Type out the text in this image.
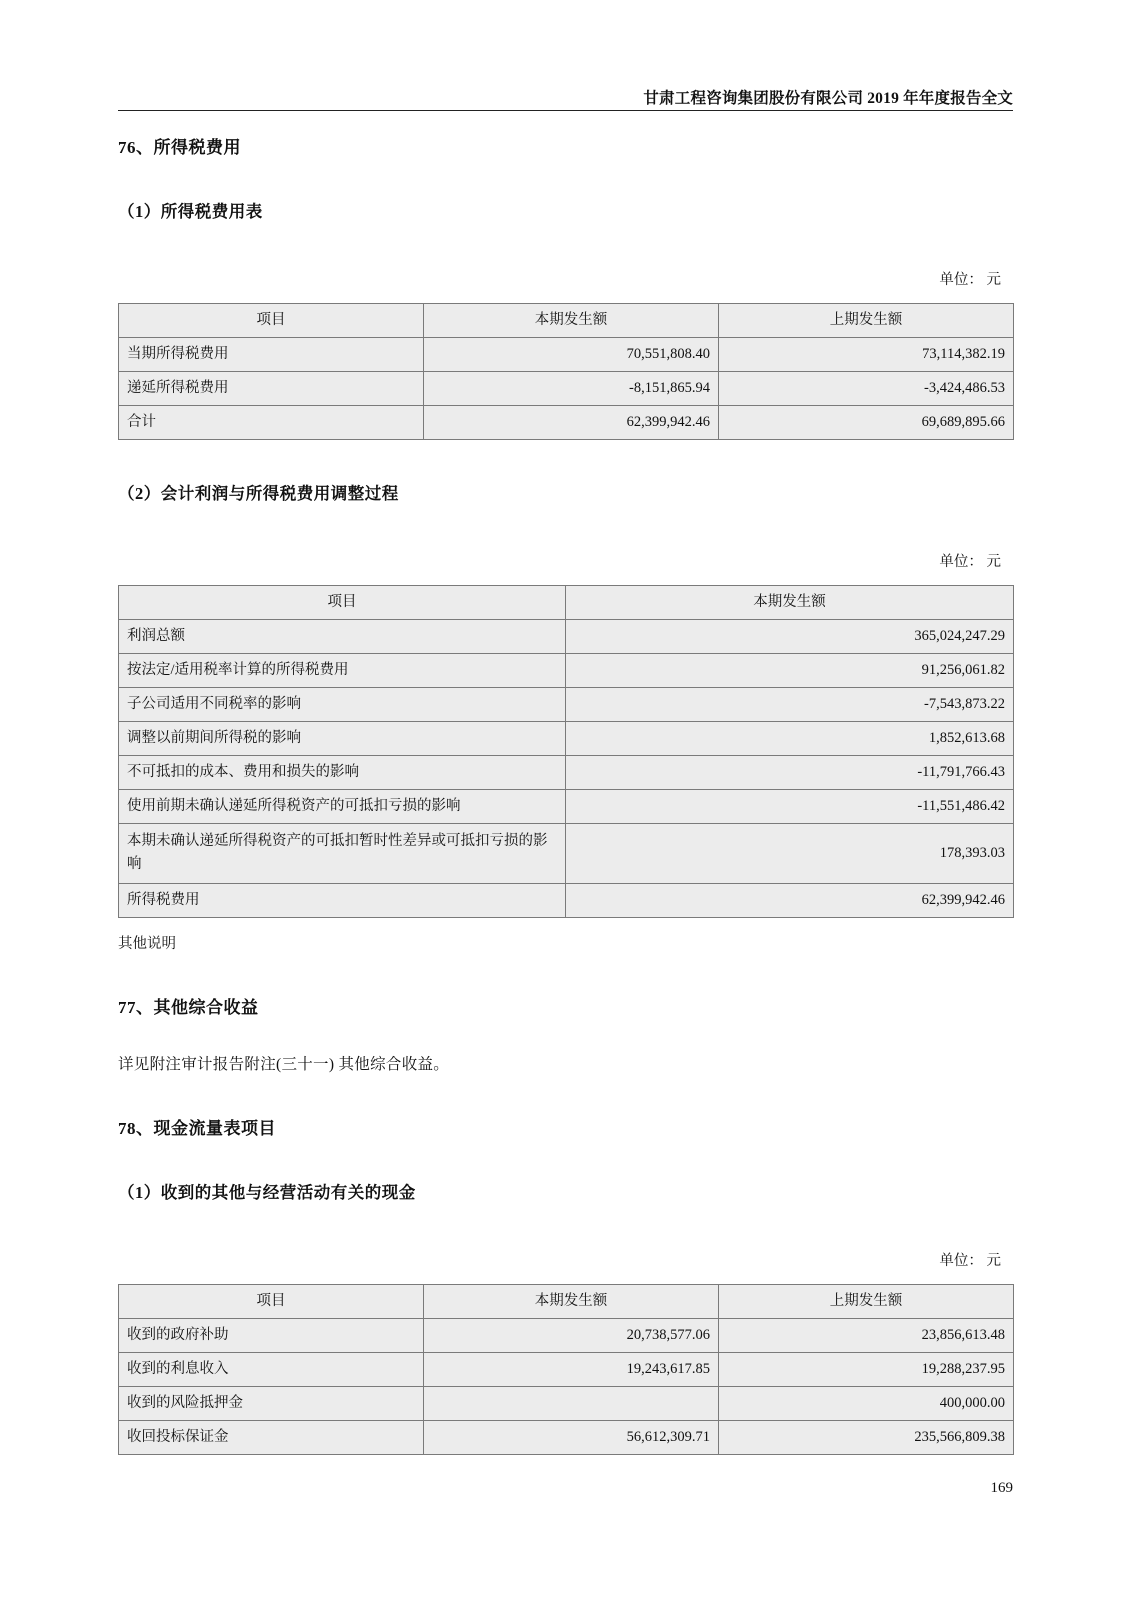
甘肃工程咨询集团股份有限公司 2019 年年度报告全文
76、所得税费用
（1）所得税费用表
单位： 元
项目	本期发生额	上期发生额
当期所得税费用	70,551,808.40	73,114,382.19
递延所得税费用	-8,151,865.94	-3,424,486.53
合计	62,399,942.46	69,689,895.66
（2）会计利润与所得税费用调整过程
单位： 元
项目	本期发生额
利润总额	365,024,247.29
按法定/适用税率计算的所得税费用	91,256,061.82
子公司适用不同税率的影响	-7,543,873.22
调整以前期间所得税的影响	1,852,613.68
不可抵扣的成本、费用和损失的影响	-11,791,766.43
使用前期未确认递延所得税资产的可抵扣亏损的影响	-11,551,486.42
本期未确认递延所得税资产的可抵扣暂时性差异或可抵扣亏损的影响	178,393.03
所得税费用	62,399,942.46

其他说明

77、其他综合收益

详见附注审计报告附注(三十一) 其他综合收益。

78、现金流量表项目
（1）收到的其他与经营活动有关的现金
单位： 元
项目	本期发生额	上期发生额
收到的政府补助	20,738,577.06	23,856,613.48
收到的利息收入	19,243,617.85	19,288,237.95
收到的风险抵押金		400,000.00
收回投标保证金	56,612,309.71	235,566,809.38
169
